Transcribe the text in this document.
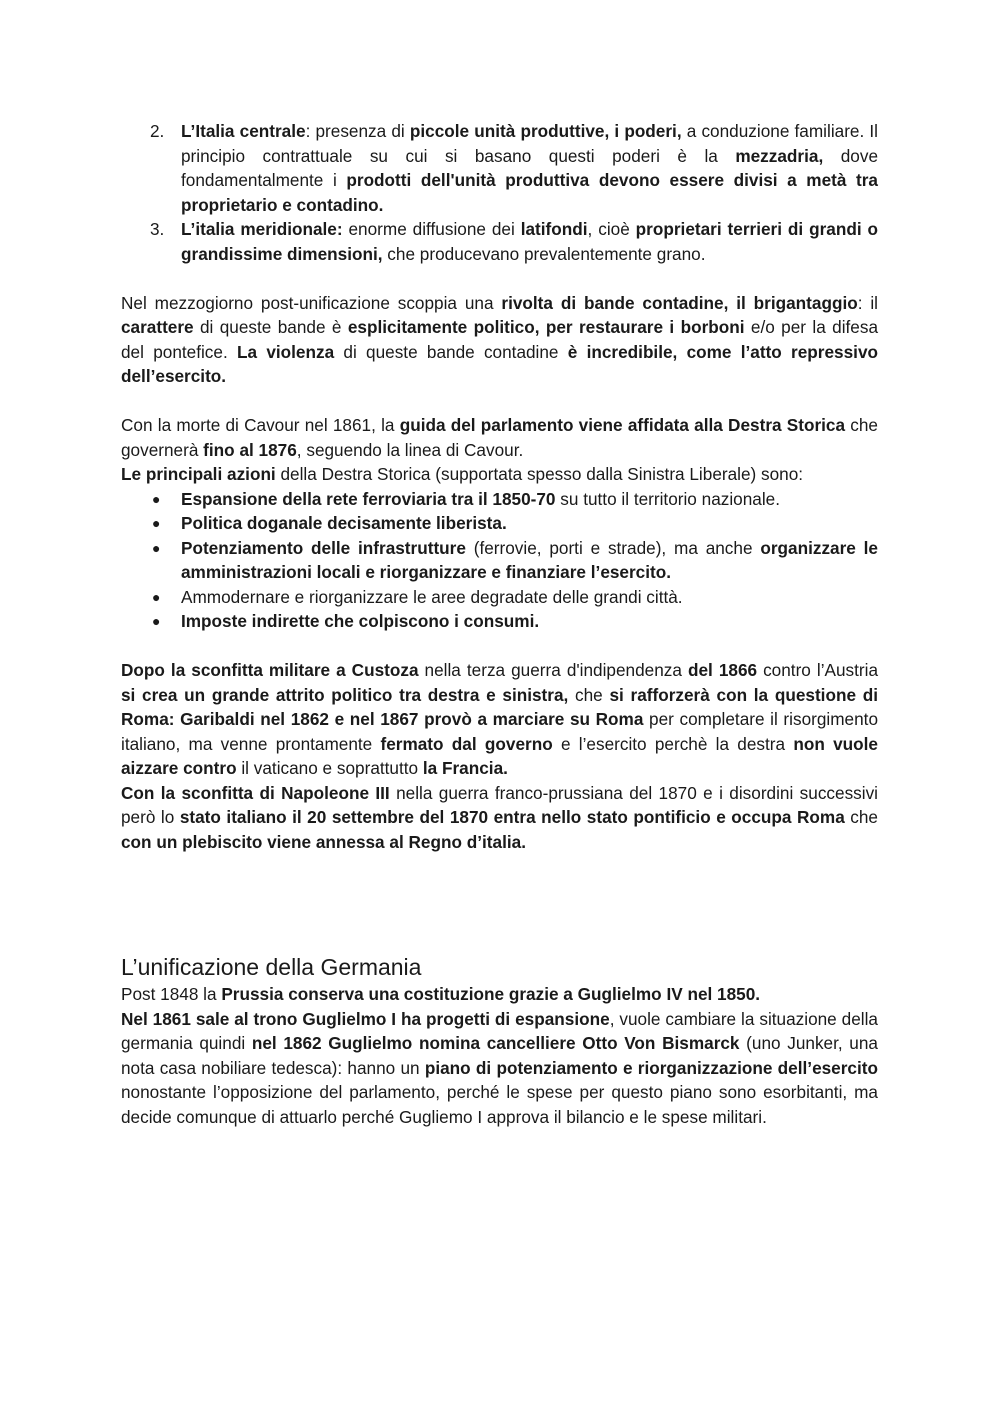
2. L’Italia centrale: presenza di piccole unità produttive, i poderi, a conduzione familiare. Il principio contrattuale su cui si basano questi poderi è la mezzadria, dove fondamentalmente i prodotti dell'unità produttiva devono essere divisi a metà tra proprietario e contadino.
3. L’italia meridionale: enorme diffusione dei latifondi, cioè proprietari terrieri di grandi o grandissime dimensioni, che producevano prevalentemente grano.

Nel mezzogiorno post-unificazione scoppia una rivolta di bande contadine, il brigantaggio: il carattere di queste bande è esplicitamente politico, per restaurare i borboni e/o per la difesa del pontefice. La violenza di queste bande contadine è incredibile, come l’atto repressivo dell’esercito.

Con la morte di Cavour nel 1861, la guida del parlamento viene affidata alla Destra Storica che governerà fino al 1876, seguendo la linea di Cavour.

Le principali azioni della Destra Storica (supportata spesso dalla Sinistra Liberale) sono:

● Espansione della rete ferroviaria tra il 1850-70 su tutto il territorio nazionale.
● Politica doganale decisamente liberista.
● Potenziamento delle infrastrutture (ferrovie, porti e strade), ma anche organizzare le amministrazioni locali e riorganizzare e finanziare l’esercito.
● Ammodernare e riorganizzare le aree degradate delle grandi città.
● Imposte indirette che colpiscono i consumi.

Dopo la sconfitta militare a Custoza nella terza guerra d'indipendenza del 1866 contro l’Austria si crea un grande attrito politico tra destra e sinistra, che si rafforzerà con la questione di Roma: Garibaldi nel 1862 e nel 1867 provò a marciare su Roma per completare il risorgimento italiano, ma venne prontamente fermato dal governo e l’esercito perchè la destra non vuole aizzare contro il vaticano e soprattutto la Francia.

Con la sconfitta di Napoleone III nella guerra franco-prussiana del 1870 e i disordini successivi però lo stato italiano il 20 settembre del 1870 entra nello stato pontificio e occupa Roma che con un plebiscito viene annessa al Regno d’italia.

L’unificazione della Germania

Post 1848 la Prussia conserva una costituzione grazie a Guglielmo IV nel 1850.

Nel 1861 sale al trono Guglielmo I ha progetti di espansione, vuole cambiare la situazione della germania quindi nel 1862 Guglielmo nomina cancelliere Otto Von Bismarck (uno Junker, una nota casa nobiliare tedesca): hanno un piano di potenziamento e riorganizzazione dell’esercito nonostante l’opposizione del parlamento, perché le spese per questo piano sono esorbitanti, ma decide comunque di attuarlo perché Gugliemo I approva il bilancio e le spese militari.
